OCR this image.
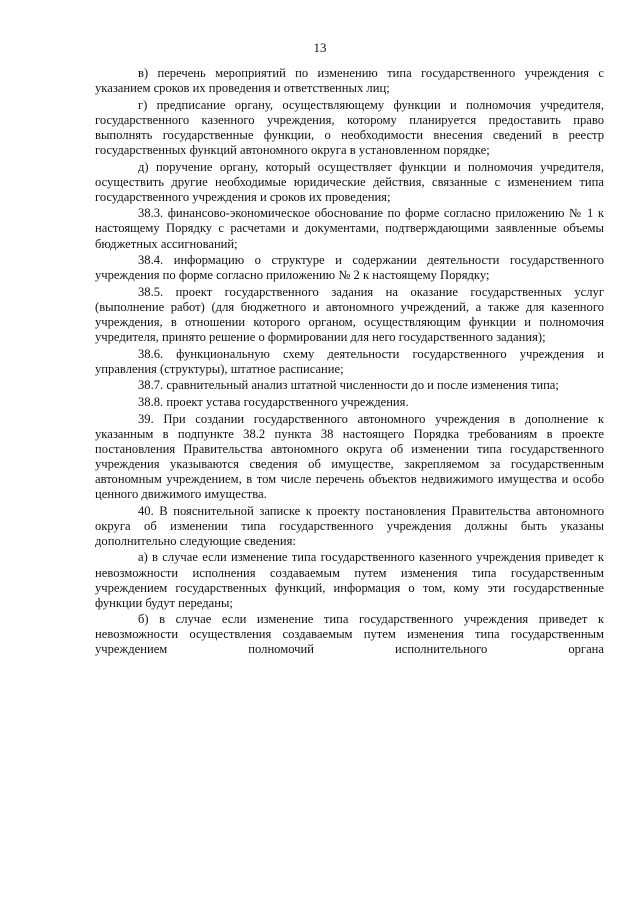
13

в) перечень мероприятий по изменению типа государственного учреждения с указанием сроков их проведения и ответственных лиц;

г) предписание органу, осуществляющему функции и полномочия учредителя, государственного казенного учреждения, которому планируется предоставить право выполнять государственные функции, о необходимости внесения сведений в реестр государственных функций автономного округа в установленном порядке;

д) поручение органу, который осуществляет функции и полномочия учредителя, осуществить другие необходимые юридические действия, связанные с изменением типа государственного учреждения и сроков их проведения;

38.3. финансово-экономическое обоснование по форме согласно приложению № 1 к настоящему Порядку с расчетами и документами, подтверждающими заявленные объемы бюджетных ассигнований;

38.4. информацию о структуре и содержании деятельности государственного учреждения по форме согласно приложению № 2 к настоящему Порядку;

38.5. проект государственного задания на оказание государственных услуг (выполнение работ) (для бюджетного и автономного учреждений, а также для казенного учреждения, в отношении которого органом, осуществляющим функции и полномочия учредителя, принято решение о формировании для него государственного задания);

38.6. функциональную схему деятельности государственного учреждения и управления (структуры), штатное расписание;

38.7. сравнительный анализ штатной численности до и после изменения типа;

38.8. проект устава государственного учреждения.

39. При создании государственного автономного учреждения в дополнение к указанным в подпункте 38.2 пункта 38 настоящего Порядка требованиям в проекте постановления Правительства автономного округа об изменении типа государственного учреждения указываются сведения об имуществе, закрепляемом за государственным автономным учреждением, в том числе перечень объектов недвижимого имущества и особо ценного движимого имущества.

40. В пояснительной записке к проекту постановления Правительства автономного округа об изменении типа государственного учреждения должны быть указаны дополнительно следующие сведения:

а) в случае если изменение типа государственного казенного учреждения приведет к невозможности исполнения создаваемым путем изменения типа государственным учреждением государственных функций, информация о том, кому эти государственные функции будут переданы;

б) в случае если изменение типа государственного учреждения приведет к невозможности осуществления создаваемым путем изменения типа государственным учреждением полномочий исполнительного органа
